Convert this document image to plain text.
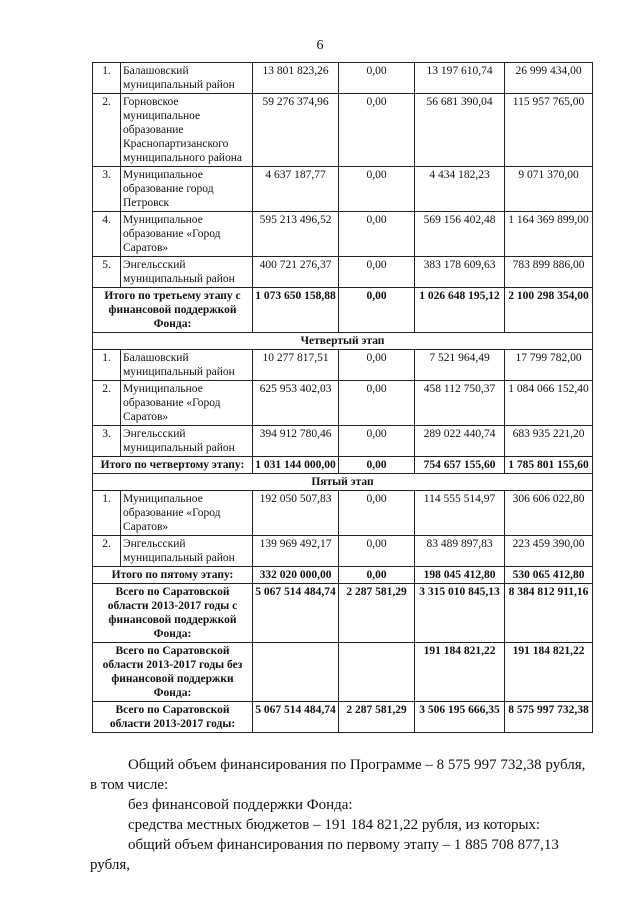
6
1.	Балашовский муниципальный район	13 801 823,26	0,00	13 197 610,74	26 999 434,00
2.	Горновское муниципальное образование Краснопартизанского муниципального района	59 276 374,96	0,00	56 681 390,04	115 957 765,00
3.	Муниципальное образование город Петровск	4 637 187,77	0,00	4 434 182,23	9 071 370,00
4.	Муниципальное образование «Город Саратов»	595 213 496,52	0,00	569 156 402,48	1 164 369 899,00
5.	Энгельсский муниципальный район	400 721 276,37	0,00	383 178 609,63	783 899 886,00
Итого по третьему этапу с финансовой поддержкой Фонда:		1 073 650 158,88	0,00	1 026 648 195,12	2 100 298 354,00
Четвертый этап					
1.	Балашовский муниципальный район	10 277 817,51	0,00	7 521 964,49	17 799 782,00
2.	Муниципальное образование «Город Саратов»	625 953 402,03	0,00	458 112 750,37	1 084 066 152,40
3.	Энгельсский муниципальный район	394 912 780,46	0,00	289 022 440,74	683 935 221,20
Итого по четвертому этапу:		1 031 144 000,00	0,00	754 657 155,60	1 785 801 155,60
Пятый этап					
1.	Муниципальное образование «Город Саратов»	192 050 507,83	0,00	114 555 514,97	306 606 022,80
2.	Энгельсский муниципальный район	139 969 492,17	0,00	83 489 897,83	223 459 390,00
Итого по пятому этапу:		332 020 000,00	0,00	198 045 412,80	530 065 412,80
Всего по Саратовской области 2013-2017 годы с финансовой поддержкой Фонда:		5 067 514 484,74	2 287 581,29	3 315 010 845,13	8 384 812 911,16
Всего по Саратовской области 2013-2017 годы без финансовой поддержки Фонда:				191 184 821,22	191 184 821,22
Всего по Саратовской области 2013-2017 годы:		5 067 514 484,74	2 287 581,29	3 506 195 666,35	8 575 997 732,38

Общий объем финансирования по Программе – 8 575 997 732,38 рубля,

в том числе:

без финансовой поддержки Фонда:

средства местных бюджетов – 191 184 821,22 рубля, из которых:

общий объем финансирования по первому этапу – 1 885 708 877,13 рубля,
